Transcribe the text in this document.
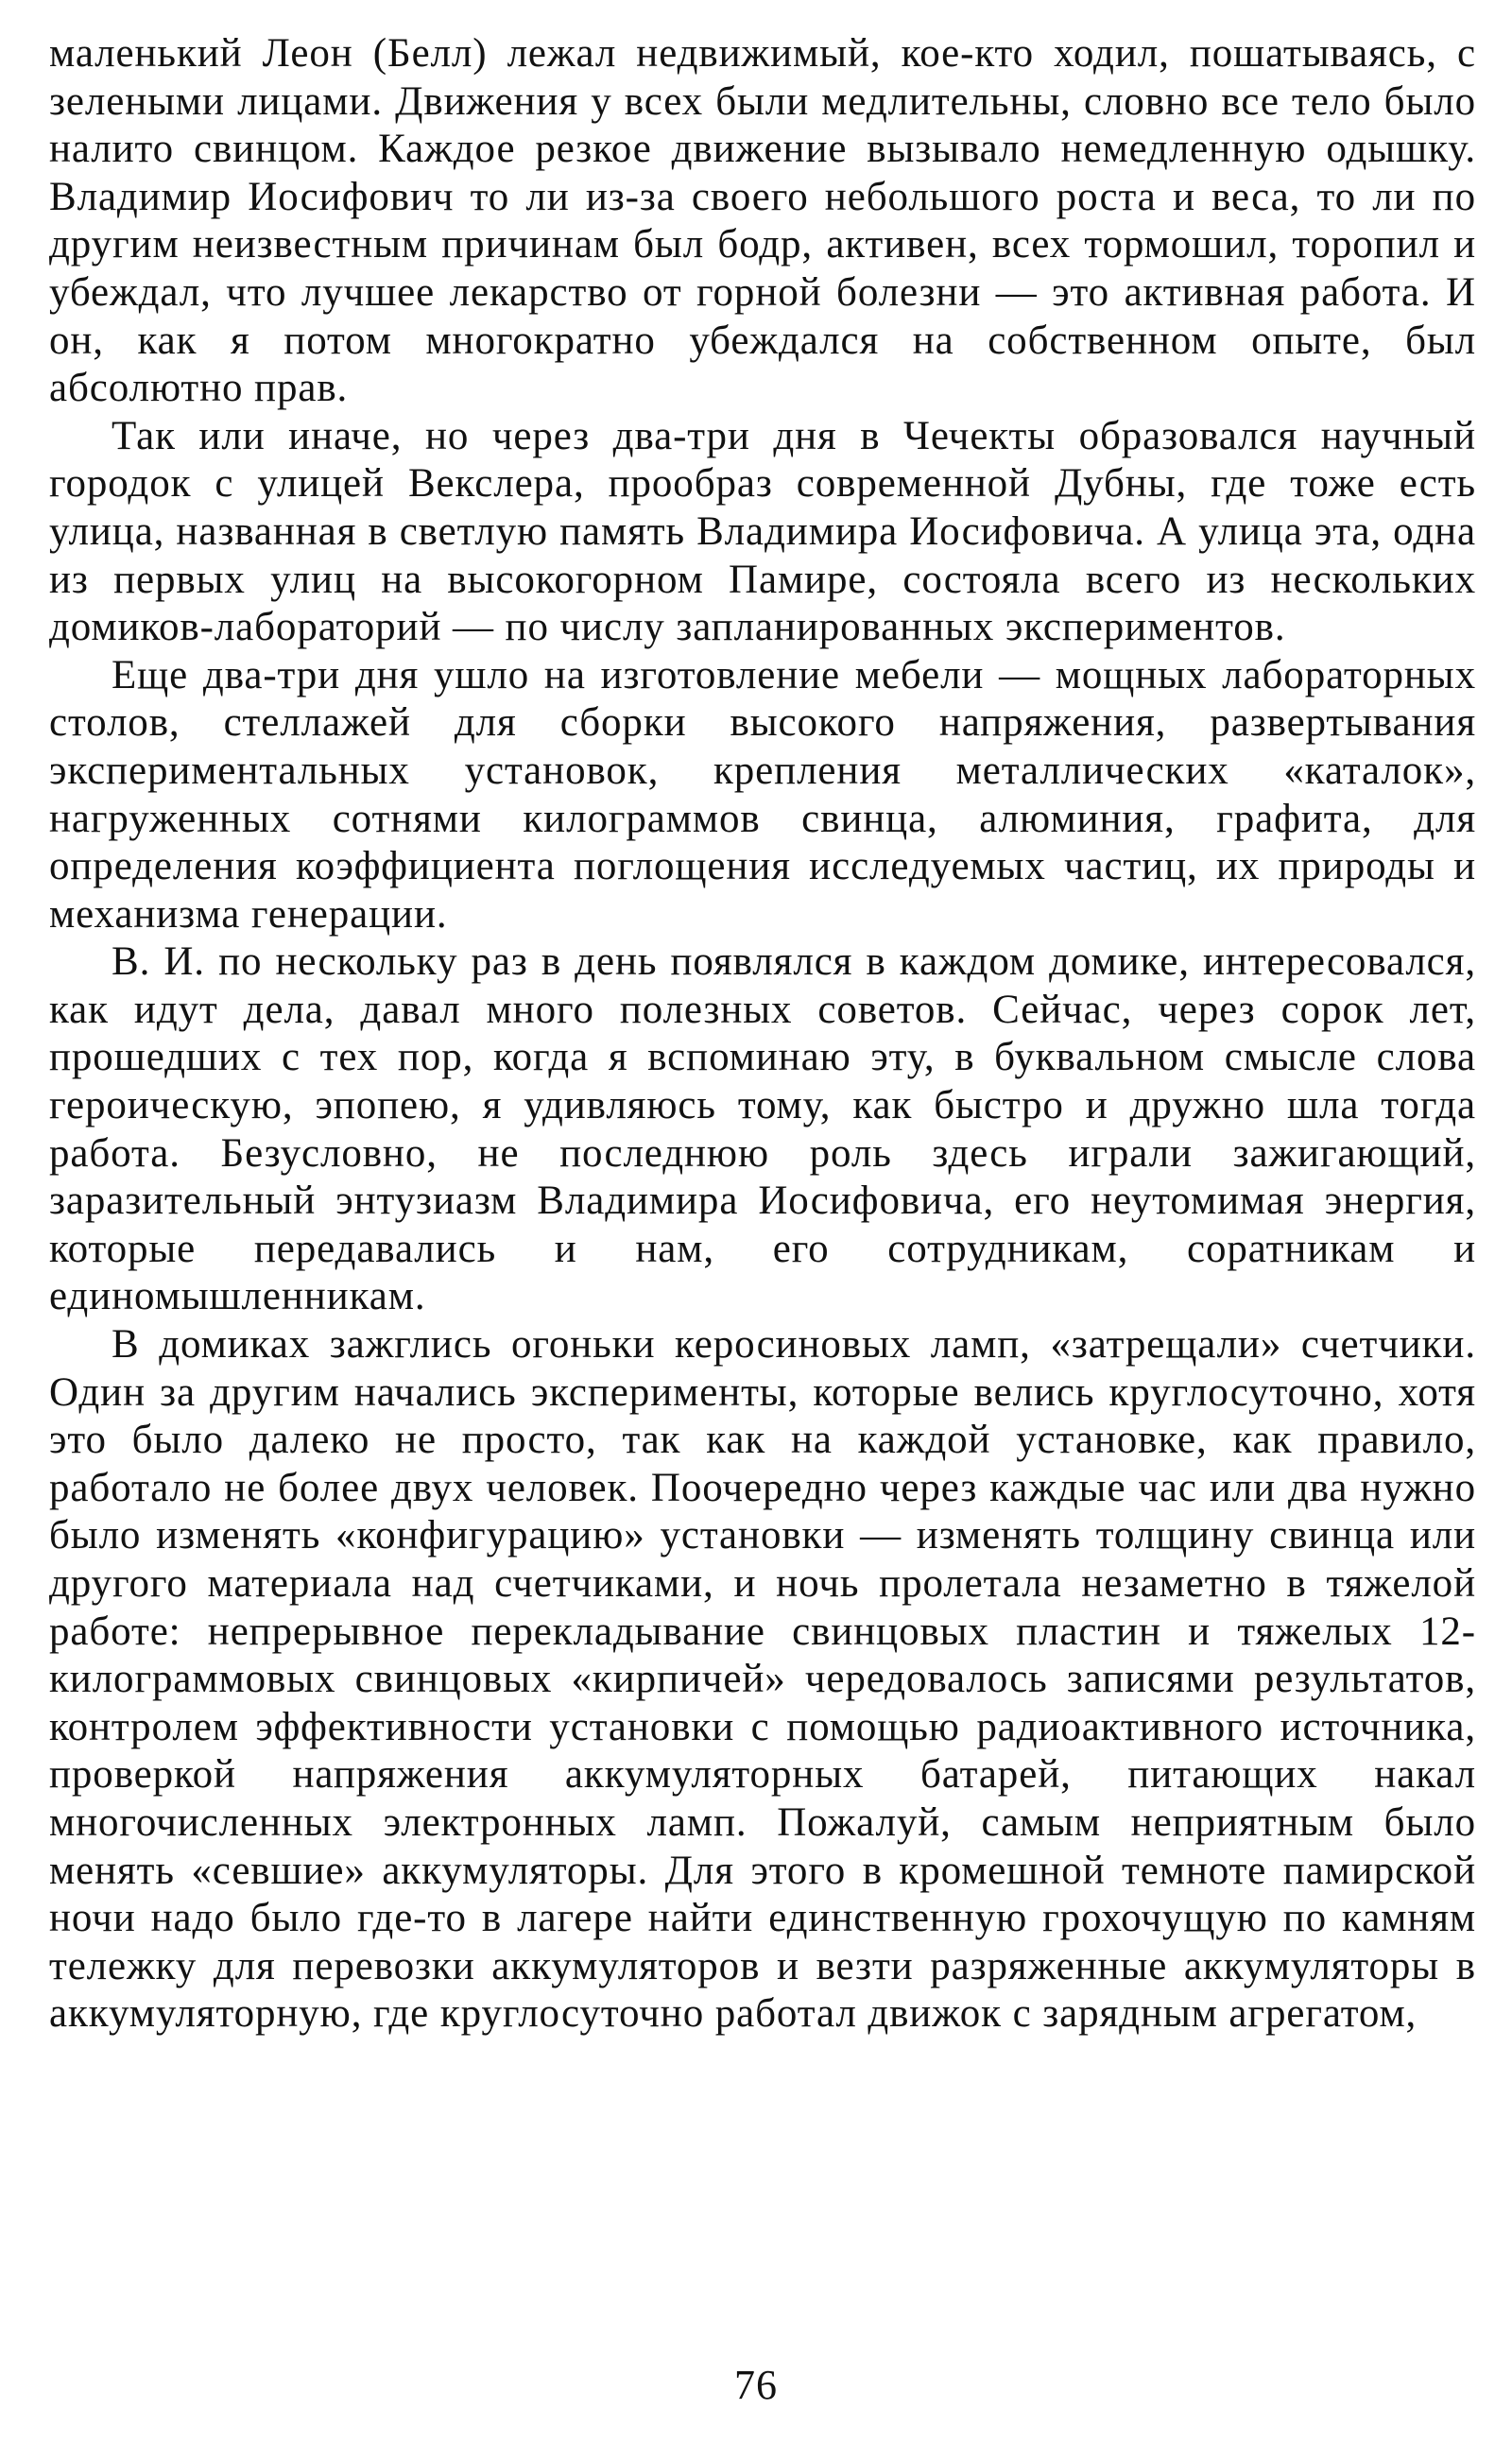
маленький Леон (Белл) лежал недвижимый, кое-кто ходил, пошатываясь, с зелеными лицами. Движения у всех были медлительны, словно все тело было налито свинцом. Каждое резкое движение вызывало немедленную одышку. Владимир Иосифович то ли из-за своего небольшого роста и веса, то ли по другим неизвестным причинам был бодр, активен, всех тормошил, торопил и убеждал, что лучшее лекарство от горной болезни — это активная работа. И он, как я потом многократно убеждался на собственном опыте, был абсолютно прав.

Так или иначе, но через два-три дня в Чечекты образовался научный городок с улицей Векслера, прообраз современной Дубны, где тоже есть улица, названная в светлую память Владимира Иосифовича. А улица эта, одна из первых улиц на высокогорном Памире, состояла всего из нескольких домиков-лабораторий — по числу запланированных экспериментов.

Еще два-три дня ушло на изготовление мебели — мощных лабораторных столов, стеллажей для сборки высокого напряжения, развертывания экспериментальных установок, крепления металлических «каталок», нагруженных сотнями килограммов свинца, алюминия, графита, для определения коэффициента поглощения исследуемых частиц, их природы и механизма генерации.

В. И. по нескольку раз в день появлялся в каждом домике, интересовался, как идут дела, давал много полезных советов. Сейчас, через сорок лет, прошедших с тех пор, когда я вспоминаю эту, в буквальном смысле слова героическую, эпопею, я удивляюсь тому, как быстро и дружно шла тогда работа. Безусловно, не последнюю роль здесь играли зажигающий, заразительный энтузиазм Владимира Иосифовича, его неутомимая энергия, которые передавались и нам, его сотрудникам, соратникам и единомышленникам.

В домиках зажглись огоньки керосиновых ламп, «затрещали» счетчики. Один за другим начались эксперименты, которые велись круглосуточно, хотя это было далеко не просто, так как на каждой установке, как правило, работало не более двух человек. Поочередно через каждые час или два нужно было изменять «конфигурацию» установки — изменять толщину свинца или другого материала над счетчиками, и ночь пролетала незаметно в тяжелой работе: непрерывное перекладывание свинцовых пластин и тяжелых 12-килограммовых свинцовых «кирпичей» чередовалось записями результатов, контролем эффективности установки с помощью радиоактивного источника, проверкой напряжения аккумуляторных батарей, питающих накал многочисленных электронных ламп. Пожалуй, самым неприятным было менять «севшие» аккумуляторы. Для этого в кромешной темноте памирской ночи надо было где-то в лагере найти единственную грохочущую по камням тележку для перевозки аккумуляторов и везти разряженные аккумуляторы в аккумуляторную, где круглосуточно работал движок с зарядным агрегатом,

76
